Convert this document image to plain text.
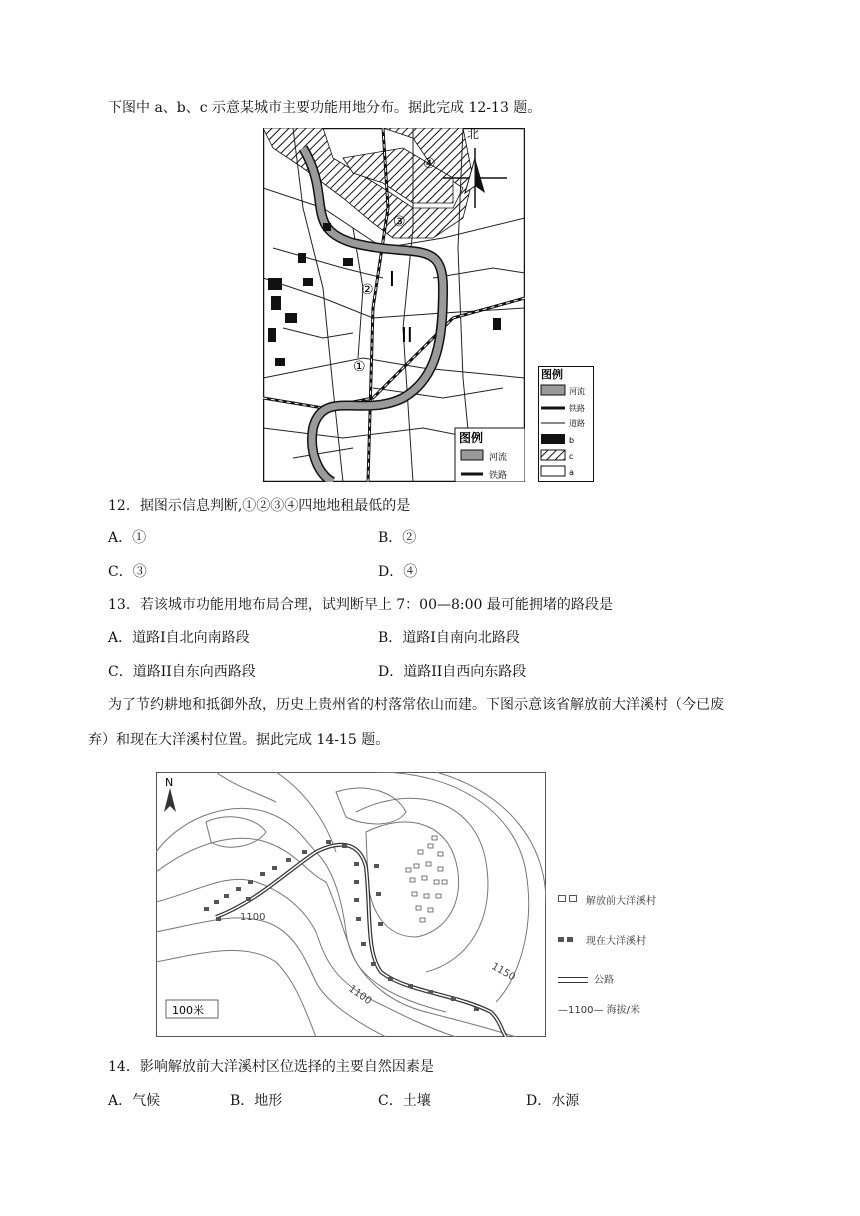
下图中 a、b、c 示意某城市主要功能用地分布。据此完成 12-13 题。
北
④
③
②
①
I
II
图例
河流
铁路
图例
河流
铁路
道路
b
c
a
12．据图示信息判断,①②③④四地地租最低的是
A．①	B．②
C．③	D．④
13．若该城市功能用地布局合理，试判断早上 7：00—8:00 最可能拥堵的路段是
A．道路I自北向南路段	B．道路I自南向北路段
C．道路II自东向西路段	D．道路II自西向东路段
为了节约耕地和抵御外敌，历史上贵州省的村落常依山而建。下图示意该省解放前大洋溪村（今已废
弃）和现在大洋溪村位置。据此完成 14-15 题。
N
1100
1150
1100
100米

解放前大洋溪村

现在大洋溪村
公路
—1100— 海拔/米
14．影响解放前大洋溪村区位选择的主要自然因素是
A．气候	B．地形	C．土壤	D．水源
